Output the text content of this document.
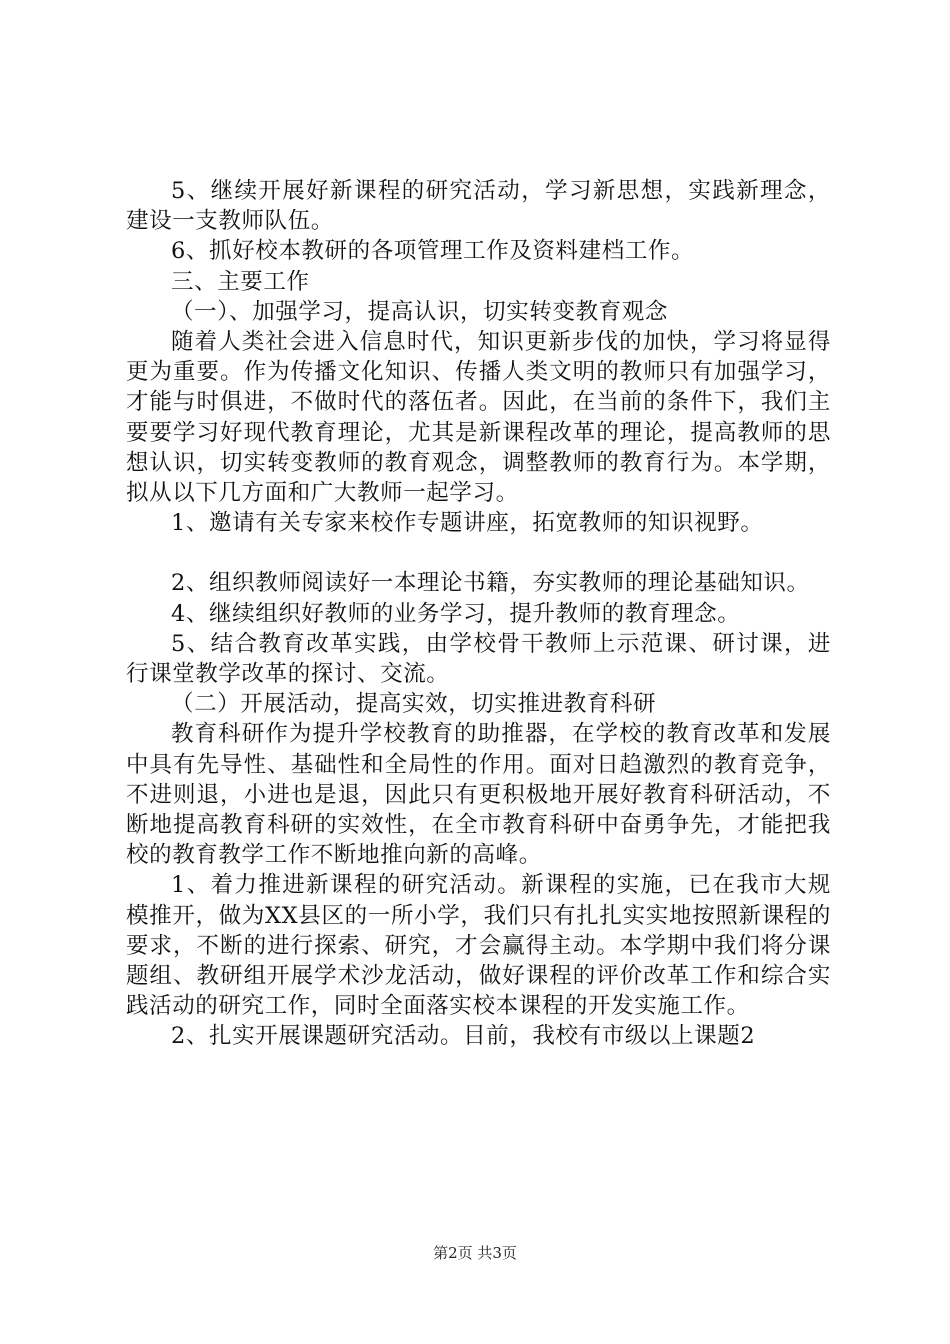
5、继续开展好新课程的研究活动，学习新思想，实践新理念，建设一支教师队伍。

6、抓好校本教研的各项管理工作及资料建档工作。

三、主要工作

（一）、加强学习，提高认识，切实转变教育观念

随着人类社会进入信息时代，知识更新步伐的加快，学习将显得更为重要。作为传播文化知识、传播人类文明的教师只有加强学习，才能与时俱进，不做时代的落伍者。因此，在当前的条件下，我们主要要学习好现代教育理论，尤其是新课程改革的理论，提高教师的思想认识，切实转变教师的教育观念，调整教师的教育行为。本学期，拟从以下几方面和广大教师一起学习。

1、邀请有关专家来校作专题讲座，拓宽教师的知识视野。

2、组织教师阅读好一本理论书籍，夯实教师的理论基础知识。

4、继续组织好教师的业务学习，提升教师的教育理念。

5、结合教育改革实践，由学校骨干教师上示范课、研讨课，进行课堂教学改革的探讨、交流。

（二）开展活动，提高实效，切实推进教育科研

教育科研作为提升学校教育的助推器，在学校的教育改革和发展中具有先导性、基础性和全局性的作用。面对日趋激烈的教育竞争，不进则退，小进也是退，因此只有更积极地开展好教育科研活动，不断地提高教育科研的实效性，在全市教育科研中奋勇争先，才能把我校的教育教学工作不断地推向新的高峰。

1、着力推进新课程的研究活动。新课程的实施，已在我市大规模推开，做为XX县区的一所小学，我们只有扎扎实实地按照新课程的要求，不断的进行探索、研究，才会赢得主动。本学期中我们将分课题组、教研组开展学术沙龙活动，做好课程的评价改革工作和综合实践活动的研究工作，同时全面落实校本课程的开发实施工作。

2、扎实开展课题研究活动。目前，我校有市级以上课题2

第2页 共3页
